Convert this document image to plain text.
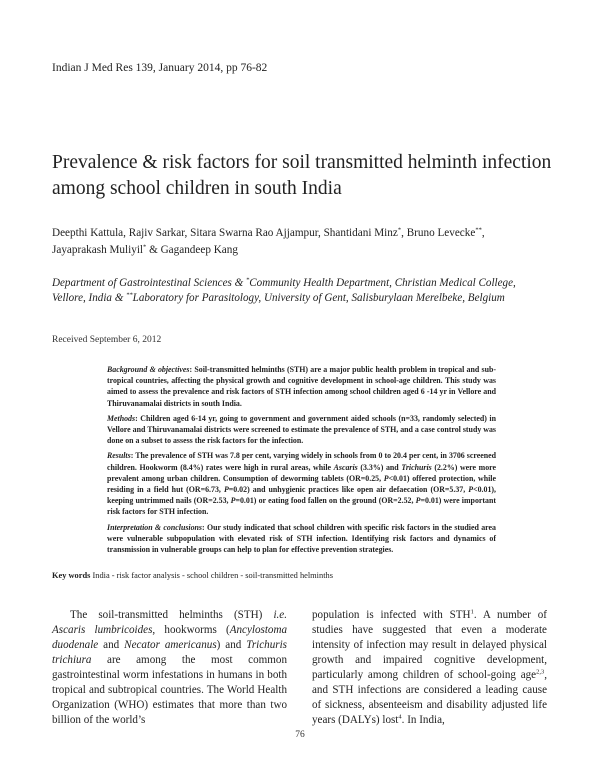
Indian J Med Res 139, January 2014, pp 76-82
Prevalence & risk factors for soil transmitted helminth infection among school children in south India
Deepthi Kattula, Rajiv Sarkar, Sitara Swarna Rao Ajjampur, Shantidani Minz*, Bruno Levecke**,
Jayaprakash Muliyil* & Gagandeep Kang
Department of Gastrointestinal Sciences & *Community Health Department, Christian Medical College, Vellore, India & **Laboratory for Parasitology, University of Gent, Salisburylaan Merelbeke, Belgium
Received September 6, 2012

Background & objectives: Soil-transmitted helminths (STH) are a major public health problem in tropical and sub-tropical countries, affecting the physical growth and cognitive development in school-age children. This study was aimed to assess the prevalence and risk factors of STH infection among school children aged 6 -14 yr in Vellore and Thiruvanamalai districts in south India.

Methods: Children aged 6-14 yr, going to government and government aided schools (n=33, randomly selected) in Vellore and Thiruvanamalai districts were screened to estimate the prevalence of STH, and a case control study was done on a subset to assess the risk factors for the infection.

Results: The prevalence of STH was 7.8 per cent, varying widely in schools from 0 to 20.4 per cent, in 3706 screened children. Hookworm (8.4%) rates were high in rural areas, while Ascaris (3.3%) and Trichuris (2.2%) were more prevalent among urban children. Consumption of deworming tablets (OR=0.25, P<0.01) offered protection, while residing in a field hut (OR=6.73, P=0.02) and unhygienic practices like open air defaecation (OR=5.37, P<0.01), keeping untrimmed nails (OR=2.53, P=0.01) or eating food fallen on the ground (OR=2.52, P=0.01) were important risk factors for STH infection.

Interpretation & conclusions: Our study indicated that school children with specific risk factors in the studied area were vulnerable subpopulation with elevated risk of STH infection. Identifying risk factors and dynamics of transmission in vulnerable groups can help to plan for effective prevention strategies.

Key words India - risk factor analysis - school children - soil-transmitted helminths
The soil-transmitted helminths (STH) i.e. Ascaris lumbricoides, hookworms (Ancylostoma duodenale and Necator americanus) and Trichuris trichiura are among the most common gastrointestinal worm infestations in humans in both tropical and subtropical countries. The World Health Organization (WHO) estimates that more than two billion of the world’s
population is infected with STH$^1$. A number of studies have suggested that even a moderate intensity of infection may result in delayed physical growth and impaired cognitive development, particularly among children of school-going age$^{2,3}$, and STH infections are considered a leading cause of sickness, absenteeism and disability adjusted life years (DALYs) lost$^4$. In India,
76
